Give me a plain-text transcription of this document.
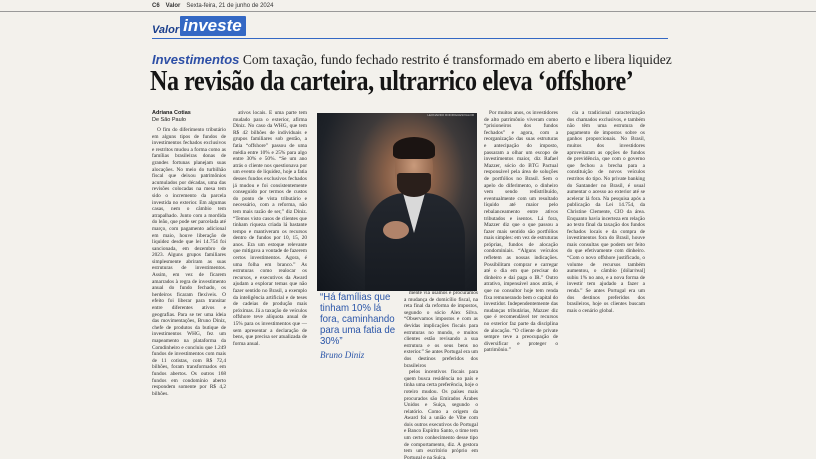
C6 Valor Sexta-feira, 21 de junho de 2024
Valor investe
Investimentos Com taxação, fundo fechado restrito é transformado em aberto e libera liquidez
Na revisão da carteira, ultrarrico eleva ‘offshore’
Adriana Cotias
De São Paulo

O fim do diferimento tributário em alguns tipos de fundos de investimentos fechados exclusivos e restritos mudou a forma como as famílias brasileiras donas de grandes fortunas planejam suas alocações. No meio do turbilhão fiscal que deixou patrimônios acumulados por décadas, uma das revisões colocadas na mesa tem sido o incremento da parcela investida no exterior. Em algumas casas, nem o câmbio tem atrapalhado. Junto com a mordida do leão, que pode ser parcelada até março, com pagamento adicional em maio, houve liberação de liquidez desde que lei 14.754 foi sancionada, em dezembro de 2023. Alguns grupos familiares simplesmente abriram as suas estruturas de investimentos. Assim, em vez de ficarem amarrados à regra de investimento anual do fundo fechado, os herdeiros ficaram flexíveis. O efeito foi liberar para transitar entre diferentes ativos e geografias. Para se ter uma ideia das movimentações, Bruno Diniz, chefe de produtos da butique de investimentos WHG, fez um mapeamento na plataforma da Comdinheiro e concluiu que 1.249 fundos de investimentos com mais de 11 cotistas, com R$ 72,4 bilhões, foram transformados em fundos abertos. Os outros 168 fundos em condomínio aberto respondem somente por R$ 4,2 bilhões.

ativos locais. E uma parte tem mudado para o exterior, afirma Diniz. No caso da WHG, que tem R$ 42 bilhões de individuais e grupos familiares sob gestão, a fatia “offshore” passou de uma média entre 10% e 25% para algo entre 30% e 50%. “Se um ano atrás o cliente nos questionava por um evento de liquidez, hoje a fatia desses fundos exclusivos fechados já mudou e foi consistentemente conseguido por termos de custos do ponto de vista tributário e necessário, com a reforma, não tem mais razão de ser,” diz Diniz. “Temos visto casos de clientes que tinham riqueza criada lá bastante tempo e mantiveram os recursos dentro de fundos por 10, 15, 20 anos. Era um estoque relevante que mitigava a vontade de fazerem certos investimentos. Agora, é uma folha em branco.” As estruturas como realocar os recursos, e executivos da Award ajudam a explorar temas que não fazer sentido no Brasil, a exemplo da inteligência artificial e de teses de cadeias de produção mais próximas. Já a taxação de veículos offshore teve alíquota anual de 15% para os investimentos que — sem apresentar a declaração de bens, que precisa ser atualizada de forma anual.

LEONARDO RODRIGUES/VALOR
“Há famílias que tinham 10% lá fora, caminhando para uma fatia de 30%”
Bruno Diniz

mente via usamos e procuramos a mudança de domicílio fiscal, na reta final da reforma de impostos, segundo o sócio Alex Silva. “Observamos impostos e com as devidas implicações fiscais para estruturas no mundo, e muitos clientes estão revisando a sua estrutura e os seus bens no exterior.” Se antes Portugal era um dos destinos preferidos dos brasileiros

pelos incentivos fiscais para quem busca residência no país e tinha uma certa preferência, hoje o roteiro mudou. Os países mais procurados são Emirados Árabes Unidos e Suíça, segundo o relatório. Como a origem da Award foi a união de Vibe com dois outros executivos do Portugal e Banco Espírito Santo, o time tem um certo conhecimento desse tipo de comportamento, diz. A gestora tem um escritório próprio em Portugal e na Suíça.

Por muitos anos, os investidores de alto patrimônio viveram como “prisioneiros dos fundos fechados” e agora, com a reorganização das suas estruturas e antecipação do imposto, passaram a olhar um escopo de investimentos maior, diz Rafael Mazzer, sócio do BTG Pactual responsável pela área de soluções de portfólios no Brasil. Sem o apelo do diferimento, o dinheiro vem sendo redistribuído, eventualmente com um resultado líquido até maior pelo rebalanceamento entre ativos tributados e isentos. Lá fora, Mazzer diz que o que passou a fazer mais sentido são portfólios mais simples: em vez de estruturas próprias, fundos de alocação condominiais. “Alguns veículos refletem as nossas indicações. Possibilitam comprar e carregar até o dia em que precisar do dinheiro e daí paga o IR.” Outro atrativo, impensável anos atrás, é que no consultor hoje tem renda fixa remunerando bem o capital do investidor. Independentemente das mudanças tributárias, Mazzer diz que é recomendável ter recursos no exterior faz parte da disciplina de alocação. “O cliente de private sempre teve a preocupação de diversificar e proteger o patrimônio.”

cia a tradicional caracterização dos chamados exclusivos, e também não têm uma estrutura de pagamento de impostos sobre os ganhos proporcionais. No Brasil, muitos dos investidores aproveitaram as opções de fundos de previdência, que com o governo que fechou a brecha para a constituição de novos veículos restritos do tipo. No private banking do Santander no Brasil, é usual aumentar o acesso ao exterior até se acelerar lá fora. Na pesquisa após a publicação da Lei 14.754, da Christine Clemente, CIO da área. Enquanto havia incerteza em relação ao texto final da taxação dos fundos fechados locais e da compra de investimentos fora do Brasil, houve mais consultas que podem ser feito do que efetivamente com dinheiro. “Com o novo offshore justificado, o volume de recursos também aumentou, o câmbio [dólar/real] subiu 1% no ano, e a nova forma de investir tem ajudado a fazer a renda.” Se antes Portugal era um dos destinos preferidos dos brasileiros, hoje os clientes buscam mais o cenário global.
